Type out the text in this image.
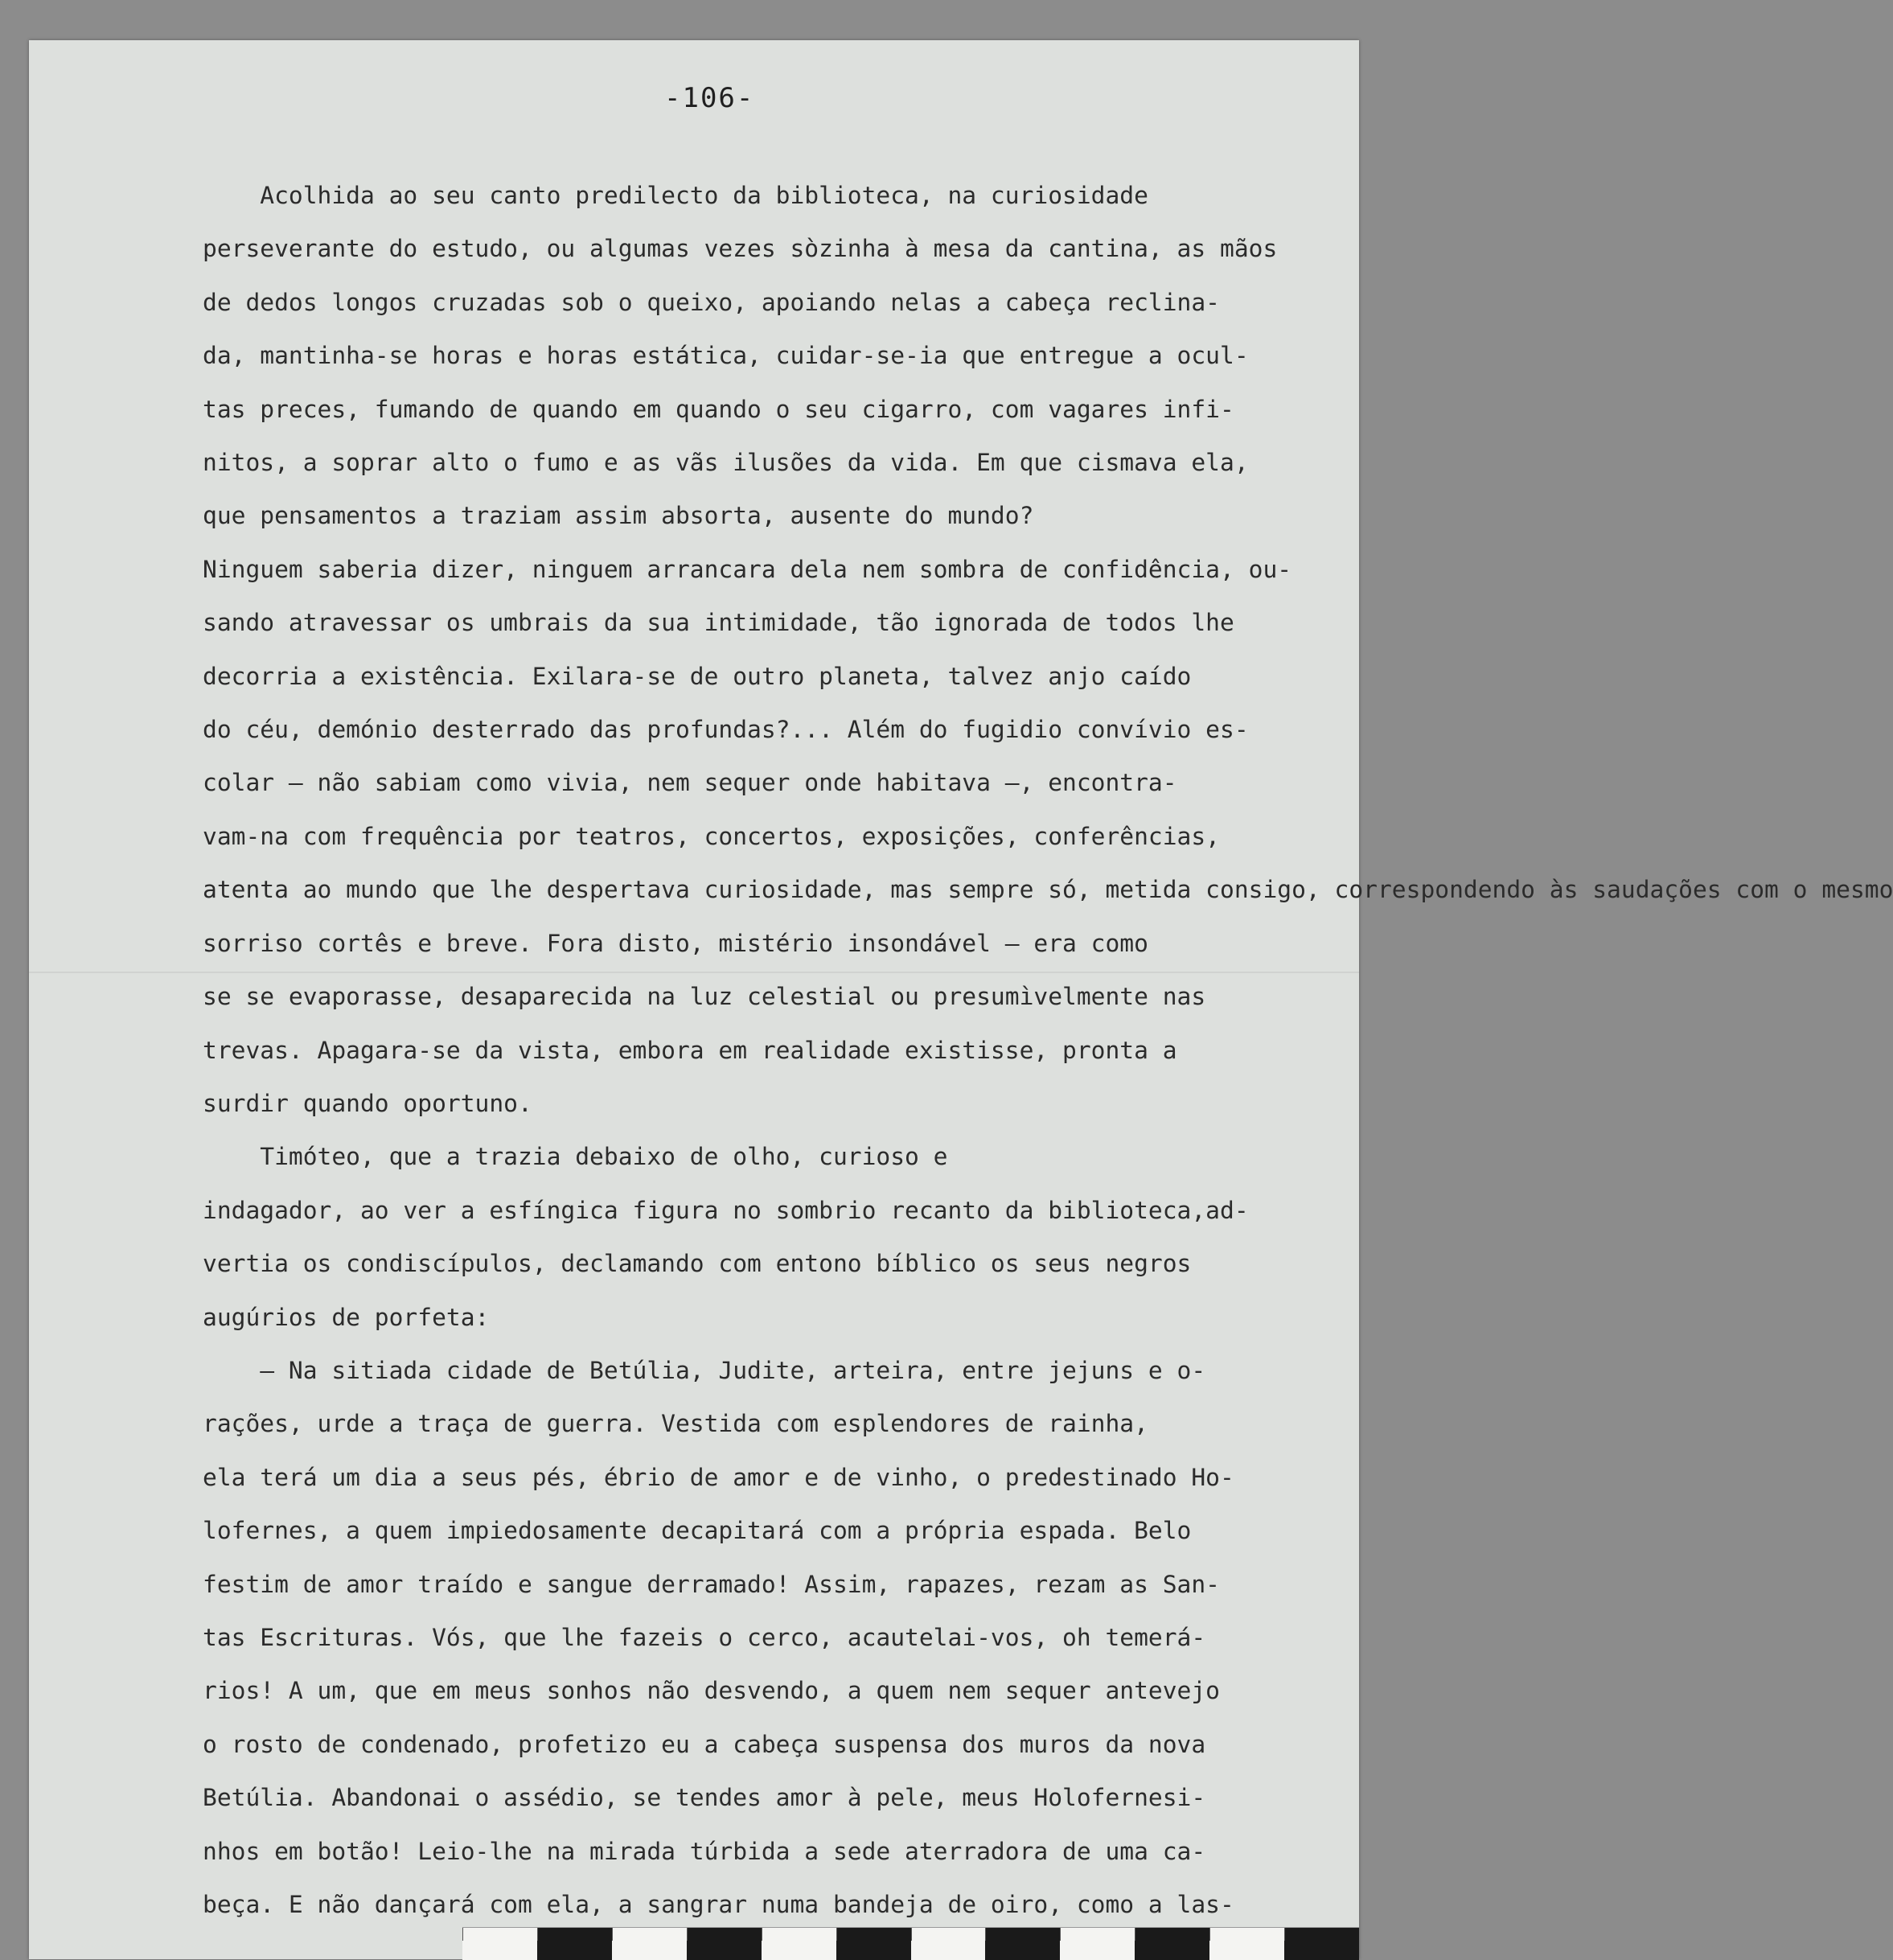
-106-
Acolhida ao seu canto predilecto da biblioteca, na curiosidade
perseverante do estudo, ou algumas vezes sòzinha à mesa da cantina, as mãos
de dedos longos cruzadas sob o queixo, apoiando nelas a cabeça reclina-
da, mantinha-se horas e horas estática, cuidar-se-ia que entregue a ocul-
tas preces, fumando de quando em quando o seu cigarro, com vagares infi-
nitos, a soprar alto o fumo e as vãs ilusões da vida. Em que cismava ela,
que pensamentos a traziam assim absorta, ausente do mundo?
Ninguem saberia dizer, ninguem arrancara dela nem sombra de confidência, ou-
sando atravessar os umbrais da sua intimidade, tão ignorada de todos lhe
decorria a existência. Exilara-se de outro planeta, talvez anjo caído
do céu, demónio desterrado das profundas?... Além do fugidio convívio es-
colar — não sabiam como vivia, nem sequer onde habitava —, encontra-
vam-na com frequência por teatros, concertos, exposições, conferências,
atenta ao mundo que lhe despertava curiosidade, mas sempre só, metida consigo, correspondendo às saudações com o mesmo
sorriso cortês e breve. Fora disto, mistério insondável — era como
se se evaporasse, desaparecida na luz celestial ou presumìvelmente nas
trevas. Apagara-se da vista, embora em realidade existisse, pronta a
surdir quando oportuno.
Timóteo, que a trazia debaixo de olho, curioso e
indagador, ao ver a esfíngica figura no sombrio recanto da biblioteca,ad-
vertia os condiscípulos, declamando com entono bíblico os seus negros
augúrios de porfeta:
— Na sitiada cidade de Betúlia, Judite, arteira, entre jejuns e o-
rações, urde a traça de guerra. Vestida com esplendores de rainha,
ela terá um dia a seus pés, ébrio de amor e de vinho, o predestinado Ho-
lofernes, a quem impiedosamente decapitará com a própria espada. Belo
festim de amor traído e sangue derramado! Assim, rapazes, rezam as San-
tas Escrituras. Vós, que lhe fazeis o cerco, acautelai-vos, oh temerá-
rios! A um, que em meus sonhos não desvendo, a quem nem sequer antevejo
o rosto de condenado, profetizo eu a cabeça suspensa dos muros da nova
Betúlia. Abandonai o assédio, se tendes amor à pele, meus Holofernesi-
nhos em botão! Leio-lhe na mirada túrbida a sede aterradora de uma ca-
beça. E não dançará com ela, a sangrar numa bandeja de oiro, como a las-
